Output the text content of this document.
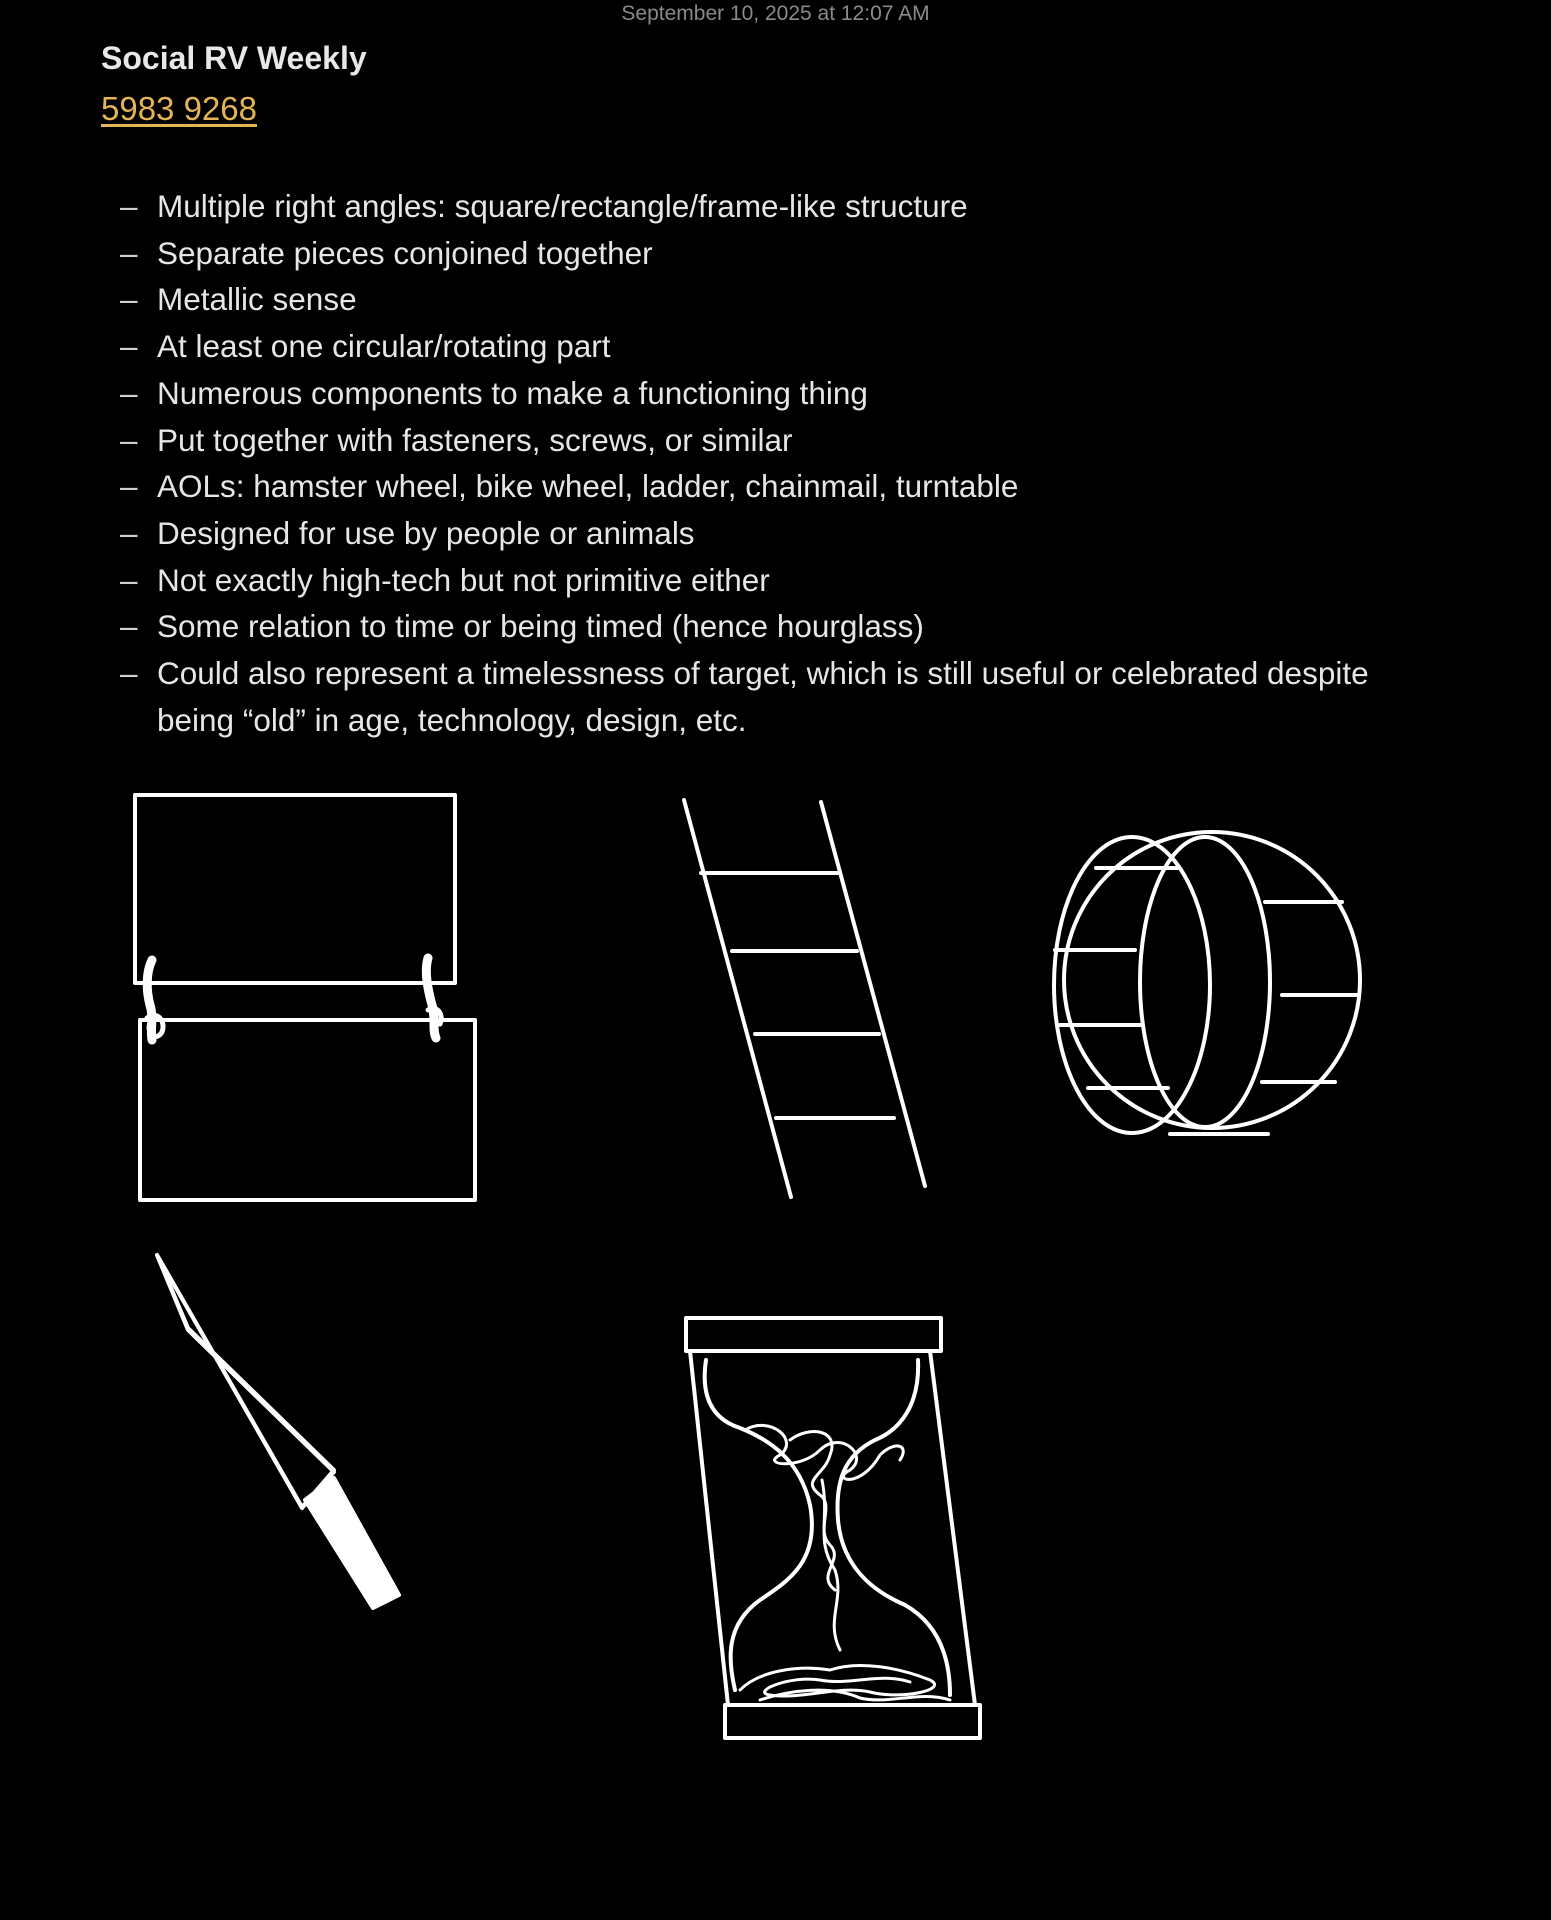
September 10, 2025 at 12:07 AM
Social RV Weekly
5983 9268
– Multiple right angles: square/rectangle/frame-like structure
– Separate pieces conjoined together
– Metallic sense
– At least one circular/rotating part
– Numerous components to make a functioning thing
– Put together with fasteners, screws, or similar
– AOLs: hamster wheel, bike wheel, ladder, chainmail, turntable
– Designed for use by people or animals
– Not exactly high-tech but not primitive either
– Some relation to time or being timed (hence hourglass)
– Could also represent a timelessness of target, which is still useful or celebrated despite being “old” in age, technology, design, etc.
